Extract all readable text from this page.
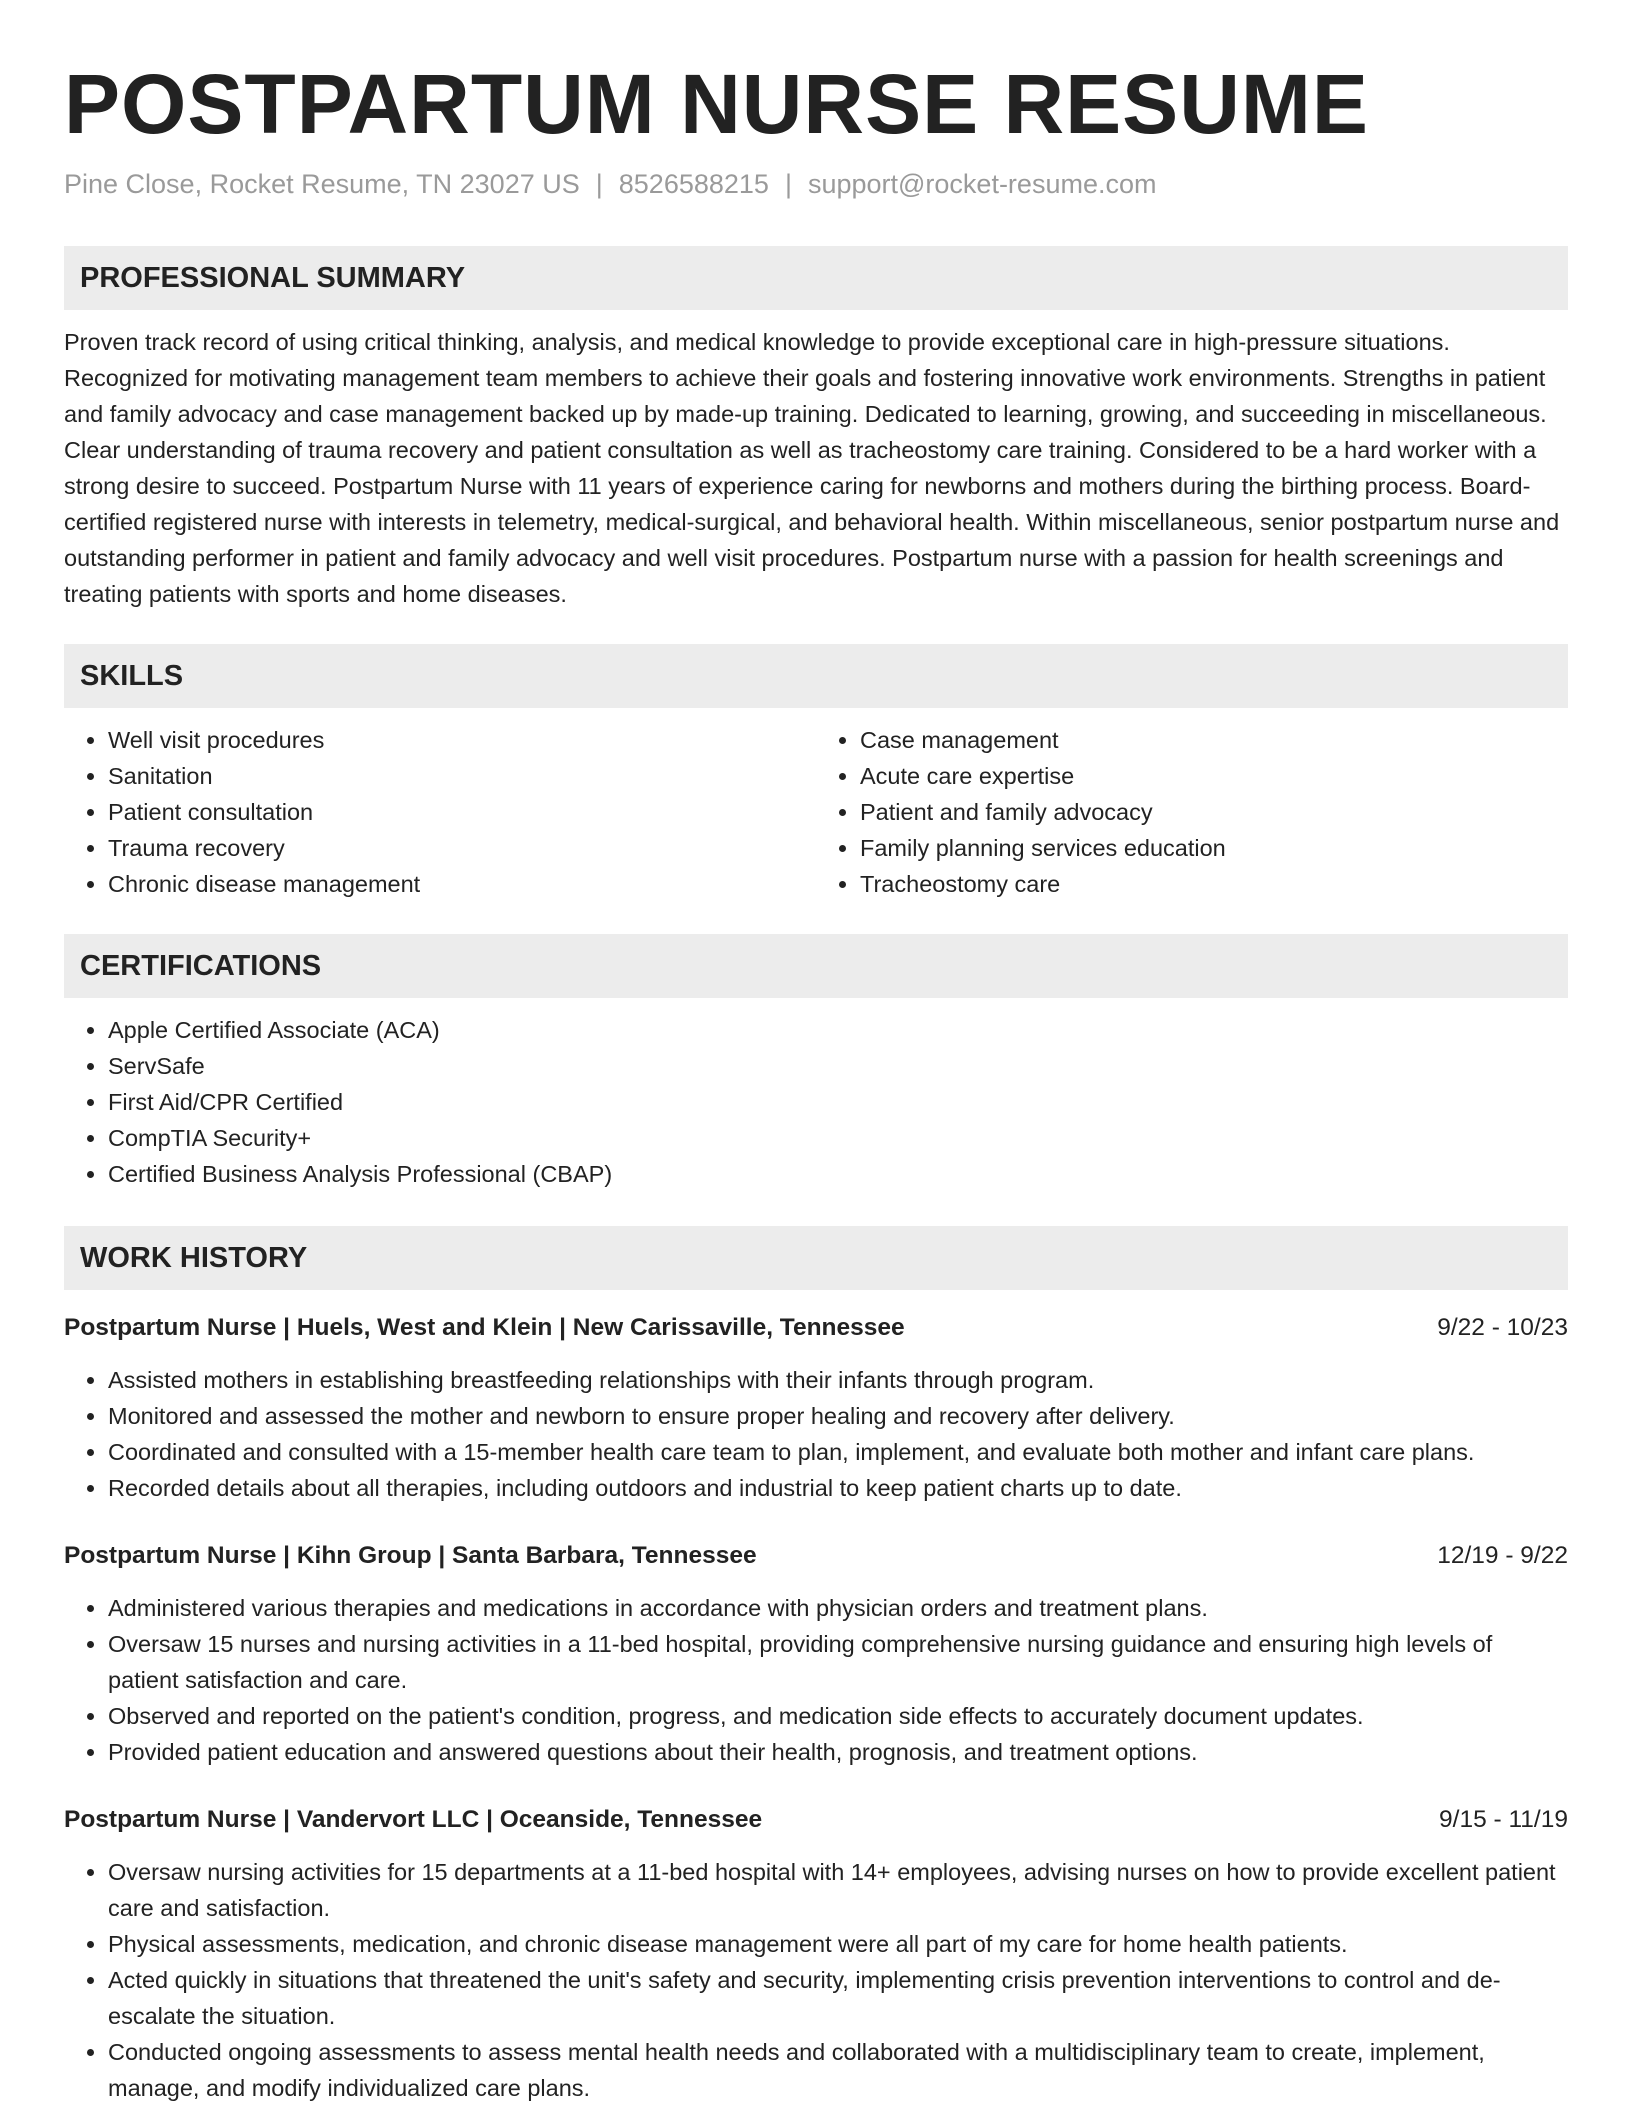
POSTPARTUM NURSE RESUME
Pine Close, Rocket Resume, TN 23027 US | 8526588215 | support@rocket-resume.com
PROFESSIONAL SUMMARY
Proven track record of using critical thinking, analysis, and medical knowledge to provide exceptional care in high-pressure situations. Recognized for motivating management team members to achieve their goals and fostering innovative work environments. Strengths in patient and family advocacy and case management backed up by made-up training. Dedicated to learning, growing, and succeeding in miscellaneous. Clear understanding of trauma recovery and patient consultation as well as tracheostomy care training. Considered to be a hard worker with a strong desire to succeed. Postpartum Nurse with 11 years of experience caring for newborns and mothers during the birthing process. Board-certified registered nurse with interests in telemetry, medical-surgical, and behavioral health. Within miscellaneous, senior postpartum nurse and outstanding performer in patient and family advocacy and well visit procedures. Postpartum nurse with a passion for health screenings and treating patients with sports and home diseases.
SKILLS
• Well visit procedures
• Sanitation
• Patient consultation
• Trauma recovery
• Chronic disease management
• Case management
• Acute care expertise
• Patient and family advocacy
• Family planning services education
• Tracheostomy care
CERTIFICATIONS
• Apple Certified Associate (ACA)
• ServSafe
• First Aid/CPR Certified
• CompTIA Security+
• Certified Business Analysis Professional (CBAP)
WORK HISTORY
Postpartum Nurse | Huels, West and Klein | New Carissaville, Tennessee	9/22 - 10/23
• Assisted mothers in establishing breastfeeding relationships with their infants through program.
• Monitored and assessed the mother and newborn to ensure proper healing and recovery after delivery.
• Coordinated and consulted with a 15-member health care team to plan, implement, and evaluate both mother and infant care plans.
• Recorded details about all therapies, including outdoors and industrial to keep patient charts up to date.
Postpartum Nurse | Kihn Group | Santa Barbara, Tennessee	12/19 - 9/22
• Administered various therapies and medications in accordance with physician orders and treatment plans.
• Oversaw 15 nurses and nursing activities in a 11-bed hospital, providing comprehensive nursing guidance and ensuring high levels of patient satisfaction and care.
• Observed and reported on the patient's condition, progress, and medication side effects to accurately document updates.
• Provided patient education and answered questions about their health, prognosis, and treatment options.
Postpartum Nurse | Vandervort LLC | Oceanside, Tennessee	9/15 - 11/19
• Oversaw nursing activities for 15 departments at a 11-bed hospital with 14+ employees, advising nurses on how to provide excellent patient care and satisfaction.
• Physical assessments, medication, and chronic disease management were all part of my care for home health patients.
• Acted quickly in situations that threatened the unit's safety and security, implementing crisis prevention interventions to control and de-escalate the situation.
• Conducted ongoing assessments to assess mental health needs and collaborated with a multidisciplinary team to create, implement, manage, and modify individualized care plans.
